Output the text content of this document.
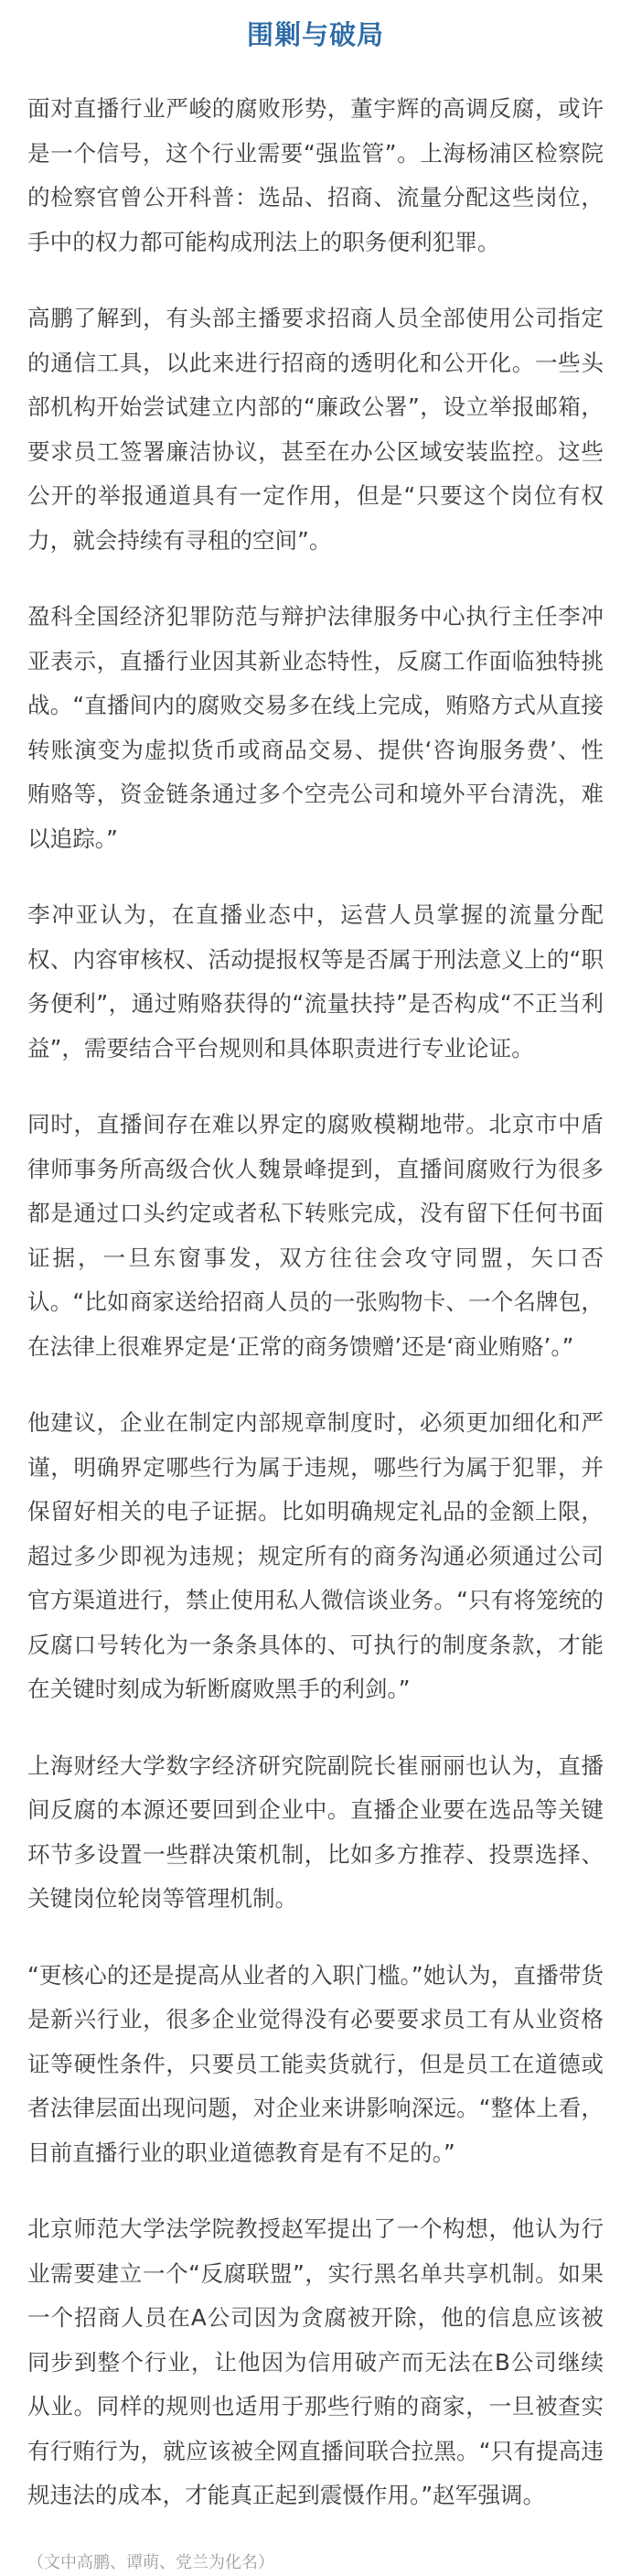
围剿与破局

面对直播行业严峻的腐败形势，董宇辉的高调反腐，或许是一个信号，这个行业需要“强监管”。上海杨浦区检察院的检察官曾公开科普：选品、招商、流量分配这些岗位，手中的权力都可能构成刑法上的职务便利犯罪。

高鹏了解到，有头部主播要求招商人员全部使用公司指定的通信工具，以此来进行招商的透明化和公开化。一些头部机构开始尝试建立内部的“廉政公署”，设立举报邮箱，要求员工签署廉洁协议，甚至在办公区域安装监控。这些公开的举报通道具有一定作用，但是“只要这个岗位有权力，就会持续有寻租的空间”。

盈科全国经济犯罪防范与辩护法律服务中心执行主任李冲亚表示，直播行业因其新业态特性，反腐工作面临独特挑战。“直播间内的腐败交易多在线上完成，贿赂方式从直接转账演变为虚拟货币或商品交易、提供‘咨询服务费’、性贿赂等，资金链条通过多个空壳公司和境外平台清洗，难以追踪。”

李冲亚认为，在直播业态中，运营人员掌握的流量分配权、内容审核权、活动提报权等是否属于刑法意义上的“职务便利”，通过贿赂获得的“流量扶持”是否构成“不正当利益”，需要结合平台规则和具体职责进行专业论证。

同时，直播间存在难以界定的腐败模糊地带。北京市中盾律师事务所高级合伙人魏景峰提到，直播间腐败行为很多都是通过口头约定或者私下转账完成，没有留下任何书面证据，一旦东窗事发，双方往往会攻守同盟，矢口否认。“比如商家送给招商人员的一张购物卡、一个名牌包，在法律上很难界定是‘正常的商务馈赠’还是‘商业贿赂’。”

他建议，企业在制定内部规章制度时，必须更加细化和严谨，明确界定哪些行为属于违规，哪些行为属于犯罪，并保留好相关的电子证据。比如明确规定礼品的金额上限，超过多少即视为违规；规定所有的商务沟通必须通过公司官方渠道进行，禁止使用私人微信谈业务。“只有将笼统的反腐口号转化为一条条具体的、可执行的制度条款，才能在关键时刻成为斩断腐败黑手的利剑。”

上海财经大学数字经济研究院副院长崔丽丽也认为，直播间反腐的本源还要回到企业中。直播企业要在选品等关键环节多设置一些群决策机制，比如多方推荐、投票选择、关键岗位轮岗等管理机制。

“更核心的还是提高从业者的入职门槛。”她认为，直播带货是新兴行业，很多企业觉得没有必要要求员工有从业资格证等硬性条件，只要员工能卖货就行，但是员工在道德或者法律层面出现问题，对企业来讲影响深远。“整体上看，目前直播行业的职业道德教育是有不足的。”

北京师范大学法学院教授赵军提出了一个构想，他认为行业需要建立一个“反腐联盟”，实行黑名单共享机制。如果一个招商人员在A公司因为贪腐被开除，他的信息应该被同步到整个行业，让他因为信用破产而无法在B公司继续从业。同样的规则也适用于那些行贿的商家，一旦被查实有行贿行为，就应该被全网直播间联合拉黑。“只有提高违规违法的成本，才能真正起到震慑作用。”赵军强调。

（文中高鹏、谭萌、党兰为化名）
